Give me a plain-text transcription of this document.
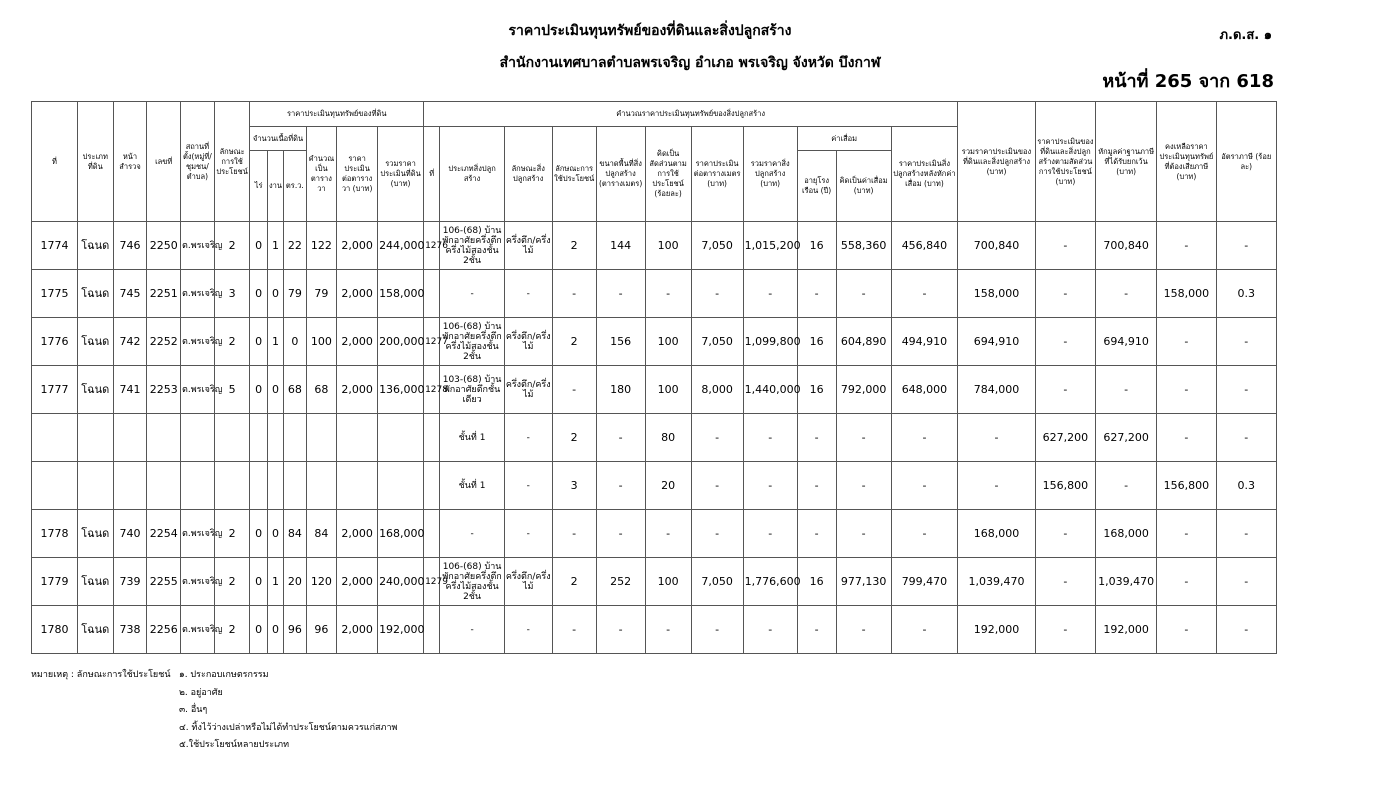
ราคาประเมินทุนทรัพย์ของที่ดินและสิ่งปลูกสร้าง
สำนักงานเทศบาลตำบลพรเจริญ อำเภอ พรเจริญ จังหวัด บึงกาฬ
ภ.ด.ส. ๑
หน้าที่ 265 จาก 618
ที่	ประเภทที่ดิน	หน้าสำรวจ	เลขที่	สถานที่ตั้ง(หมู่ที่/ชุมชน/ตำบล)	ลักษณะการใช้ประโยชน์	ราคาประเมินทุนทรัพย์ของที่ดิน						คำนวณราคาประเมินทุนทรัพย์ของสิ่งปลูกสร้าง											รวมราคาประเมินของที่ดินและสิ่งปลูกสร้าง (บาท)	ราคาประเมินของที่ดินและสิ่งปลูกสร้างตามสัดส่วนการใช้ประโยชน์ (บาท)	หักมูลค่าฐานภาษีที่ได้รับยกเว้น (บาท)	คงเหลือราคาประเมินทุนทรัพย์ที่ต้องเสียภาษี (บาท)	อัตราภาษี (ร้อยละ)
						จำนวนเนื้อที่ดิน			คำนวณเป็นตารางวา	ราคาประเมินต่อตารางวา (บาท)	รวมราคาประเมินที่ดิน (บาท)	ที่	ประเภทสิ่งปลูกสร้าง	ลักษณะสิ่งปลูกสร้าง	ลักษณะการใช้ประโยชน์	ขนาดพื้นที่สิ่งปลูกสร้าง (ตารางเมตร)	คิดเป็นสัดส่วนตามการใช้ประโยชน์ (ร้อยละ)	ราคาประเมินต่อตารางเมตร (บาท)	รวมราคาสิ่งปลูกสร้าง (บาท)	ค่าเสื่อม		ราคาประเมินสิ่งปลูกสร้างหลังหักค่าเสื่อม (บาท)					
						ไร่	งาน	ตร.ว.												อายุโรงเรือน (ปี)	คิดเป็นค่าเสื่อม (บาท)						
1774	โฉนด	746	2250	ต.พรเจริญ	2	0	1	22	122	2,000	244,000	1276	106-(68) บ้านพักอาศัยครึ่งตึกครึ่งไม้สองชั้น 2ชั้น	ครึ่งตึก/ครึ่งไม้	2	144	100	7,050	1,015,200	16	558,360	456,840	700,840	-	700,840	-	-
1775	โฉนด	745	2251	ต.พรเจริญ	3	0	0	79	79	2,000	158,000		-	-	-	-	-	-	-	-	-	-	158,000	-	-	158,000	0.3
1776	โฉนด	742	2252	ต.พรเจริญ	2	0	1	0	100	2,000	200,000	1277	106-(68) บ้านพักอาศัยครึ่งตึกครึ่งไม้สองชั้น 2ชั้น	ครึ่งตึก/ครึ่งไม้	2	156	100	7,050	1,099,800	16	604,890	494,910	694,910	-	694,910	-	-
1777	โฉนด	741	2253	ต.พรเจริญ	5	0	0	68	68	2,000	136,000	1278	103-(68) บ้านพักอาศัยตึกชั้นเดียว	ครึ่งตึก/ครึ่งไม้	-	180	100	8,000	1,440,000	16	792,000	648,000	784,000	-	-	-	-
													ชั้นที่ 1	-	2	-	80	-	-	-	-	-	-	627,200	627,200	-	-
													ชั้นที่ 1	-	3	-	20	-	-	-	-	-	-	156,800	-	156,800	0.3
1778	โฉนด	740	2254	ต.พรเจริญ	2	0	0	84	84	2,000	168,000		-	-	-	-	-	-	-	-	-	-	168,000	-	168,000	-	-
1779	โฉนด	739	2255	ต.พรเจริญ	2	0	1	20	120	2,000	240,000	1279	106-(68) บ้านพักอาศัยครึ่งตึกครึ่งไม้สองชั้น 2ชั้น	ครึ่งตึก/ครึ่งไม้	2	252	100	7,050	1,776,600	16	977,130	799,470	1,039,470	-	1,039,470	-	-
1780	โฉนด	738	2256	ต.พรเจริญ	2	0	0	96	96	2,000	192,000		-	-	-	-	-	-	-	-	-	-	192,000	-	192,000	-	-
หมายเหตุ : ลักษณะการใช้ประโยชน์ ๑. ประกอบเกษตรกรรม
๒. อยู่อาศัย
๓. อื่นๆ
๔. ทิ้งไว้ว่างเปล่าหรือไม่ได้ทำประโยชน์ตามควรแก่สภาพ
๕.ใช้ประโยชน์หลายประเภท
